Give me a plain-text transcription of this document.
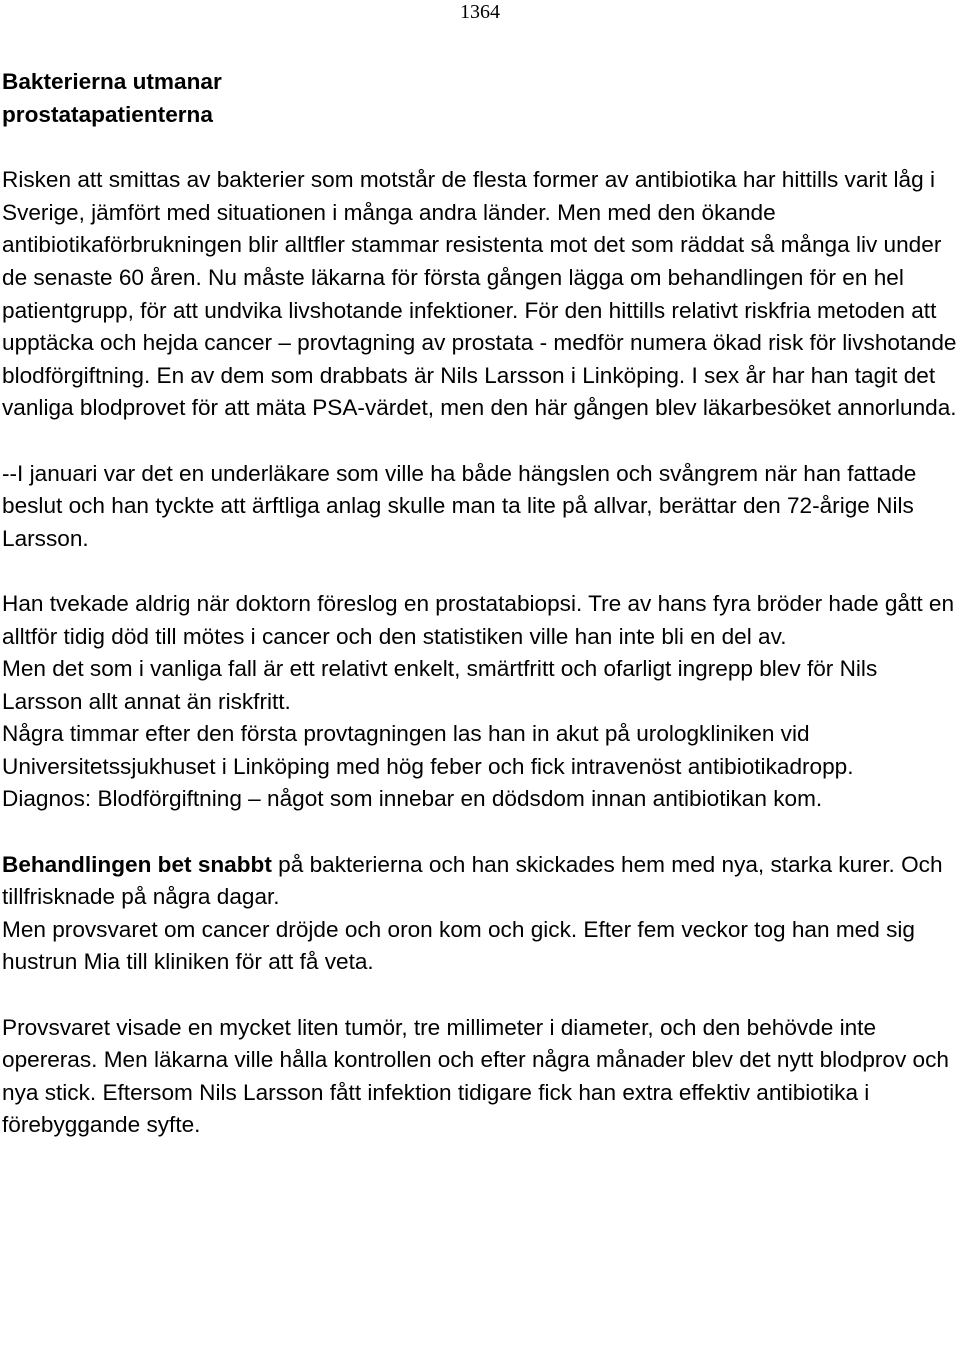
1364
Bakterierna utmanar
prostatapatienterna

Risken att smittas av bakterier som motstår de flesta former av antibiotika har hittills varit låg i Sverige, jämfört med situationen i många andra länder. Men med den ökande antibiotikaförbrukningen blir alltfler stammar resistenta mot det som räddat så många liv under de senaste 60 åren. Nu måste läkarna för första gången lägga om behandlingen för en hel patientgrupp, för att undvika livshotande infektioner. För den hittills relativt riskfria metoden att upptäcka och hejda cancer – provtagning av prostata - medför numera ökad risk för livshotande blodförgiftning. En av dem som drabbats är Nils Larsson i Linköping. I sex år har han tagit det vanliga blodprovet för att mäta PSA-värdet, men den här gången blev läkarbesöket annorlunda.

--I januari var det en underläkare som ville ha både hängslen och svångrem när han fattade beslut och han tyckte att ärftliga anlag skulle man ta lite på allvar, berättar den 72-årige Nils Larsson.

Han tvekade aldrig när doktorn föreslog en prostatabiopsi. Tre av hans fyra bröder hade gått en alltför tidig död till mötes i cancer och den statistiken ville han inte bli en del av.

Men det som i vanliga fall är ett relativt enkelt, smärtfritt och ofarligt ingrepp blev för Nils Larsson allt annat än riskfritt.

Några timmar efter den första provtagningen las han in akut på urologkliniken vid Universitetssjukhuset i Linköping med hög feber och fick intravenöst antibiotikadropp.

Diagnos: Blodförgiftning – något som innebar en dödsdom innan antibiotikan kom.

Behandlingen bet snabbt på bakterierna och han skickades hem med nya, starka kurer. Och tillfrisknade på några dagar.

Men provsvaret om cancer dröjde och oron kom och gick. Efter fem veckor tog han med sig hustrun Mia till kliniken för att få veta.

Provsvaret visade en mycket liten tumör, tre millimeter i diameter, och den behövde inte opereras. Men läkarna ville hålla kontrollen och efter några månader blev det nytt blodprov och nya stick. Eftersom Nils Larsson fått infektion tidigare fick han extra effektiv antibiotika i förebyggande syfte.
